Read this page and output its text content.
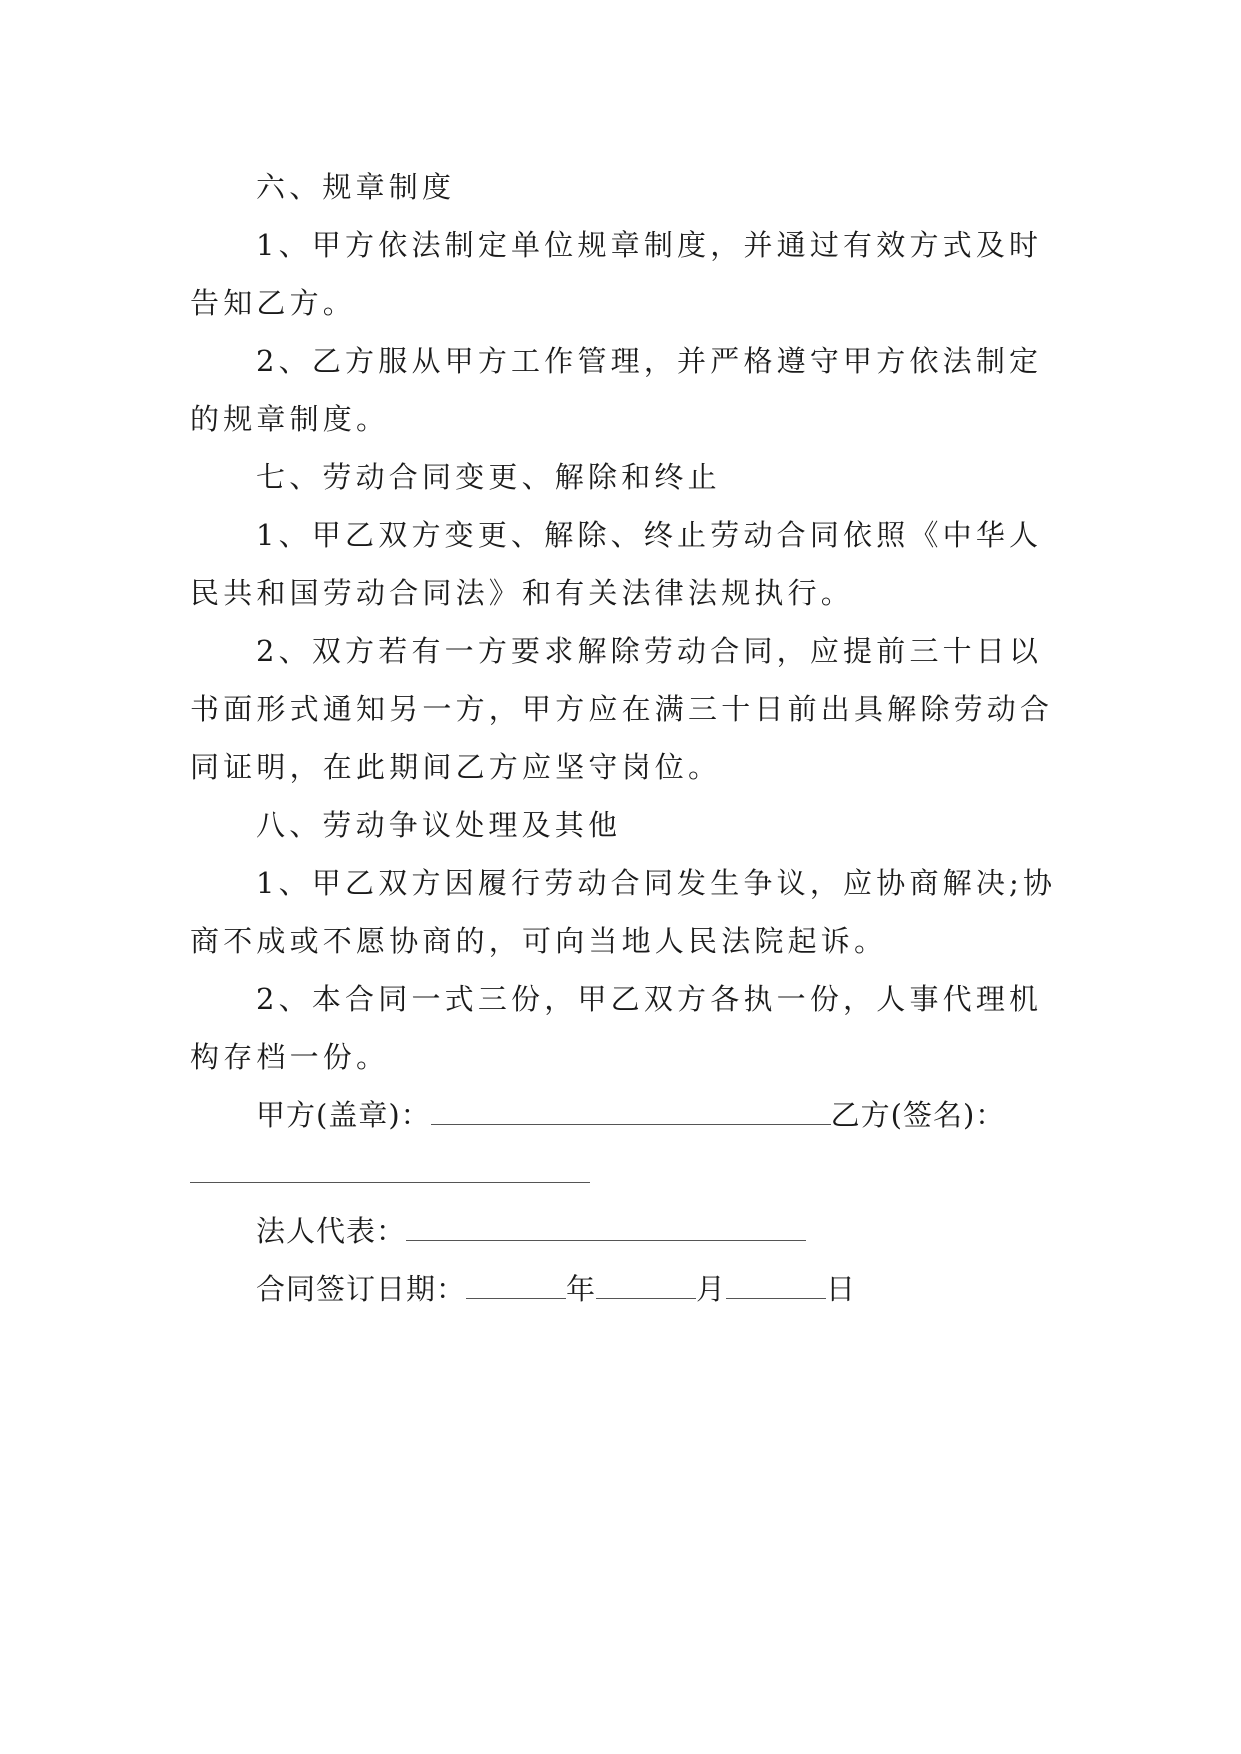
六、规章制度
1、甲方依法制定单位规章制度，并通过有效方式及时
告知乙方。
2、乙方服从甲方工作管理，并严格遵守甲方依法制定
的规章制度。
七、劳动合同变更、解除和终止
1、甲乙双方变更、解除、终止劳动合同依照《中华人
民共和国劳动合同法》和有关法律法规执行。
2、双方若有一方要求解除劳动合同，应提前三十日以
书面形式通知另一方，甲方应在满三十日前出具解除劳动合
同证明，在此期间乙方应坚守岗位。
八、劳动争议处理及其他
1、甲乙双方因履行劳动合同发生争议，应协商解决;协
商不成或不愿协商的，可向当地人民法院起诉。
2、本合同一式三份，甲乙双方各执一份，人事代理机
构存档一份。
甲方(盖章)：	乙方(签名)：
法人代表：
合同签订日期：	年	月	日
